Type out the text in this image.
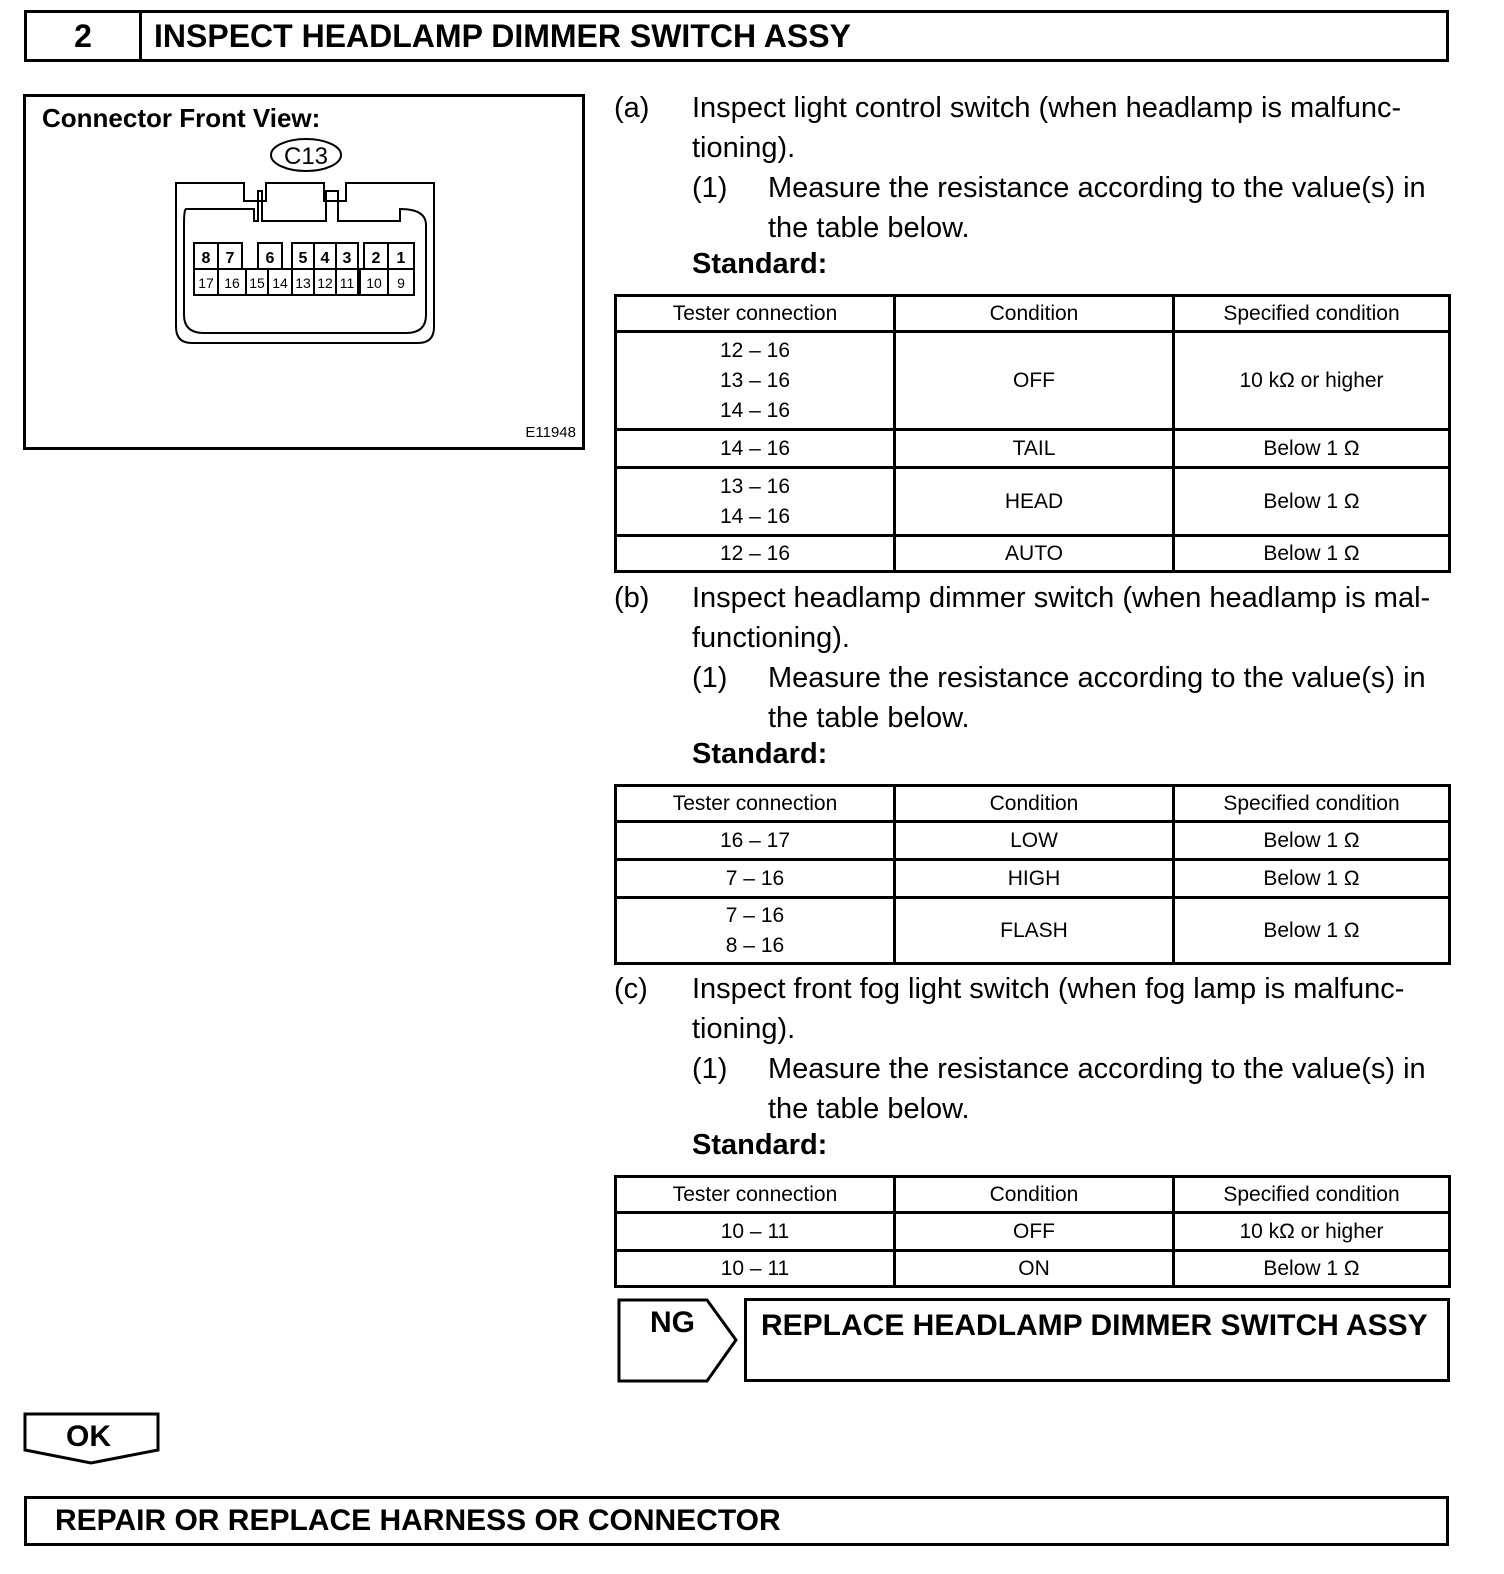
2	INSPECT HEADLAMP DIMMER SWITCH ASSY
Connector Front View:
C13
8 7 6 5 4 3 2 1
17 16 15 14 13 12 11 10 9
E11948
(a) Inspect light control switch (when headlamp is malfunc-
tioning).
(1) Measure the resistance according to the value(s) in
the table below.
Standard:
Tester connection	Condition	Specified condition

12 – 16
13 – 16
14 – 16	OFF	10 kΩ or higher
14 – 16	TAIL	Below 1 Ω

13 – 16
14 – 16	HEAD	Below 1 Ω
12 – 16	AUTO	Below 1 Ω
(b) Inspect headlamp dimmer switch (when headlamp is mal-
functioning).
(1) Measure the resistance according to the value(s) in
the table below.
Standard:
Tester connection	Condition	Specified condition
16 – 17	LOW	Below 1 Ω
7 – 16	HIGH	Below 1 Ω

7 – 16
8 – 16	FLASH	Below 1 Ω
(c) Inspect front fog light switch (when fog lamp is malfunc-
tioning).
(1) Measure the resistance according to the value(s) in
the table below.
Standard:
Tester connection	Condition	Specified condition
10 – 11	OFF	10 kΩ or higher
10 – 11	ON	Below 1 Ω
NG	REPLACE HEADLAMP DIMMER SWITCH ASSY
OK
REPAIR OR REPLACE HARNESS OR CONNECTOR
